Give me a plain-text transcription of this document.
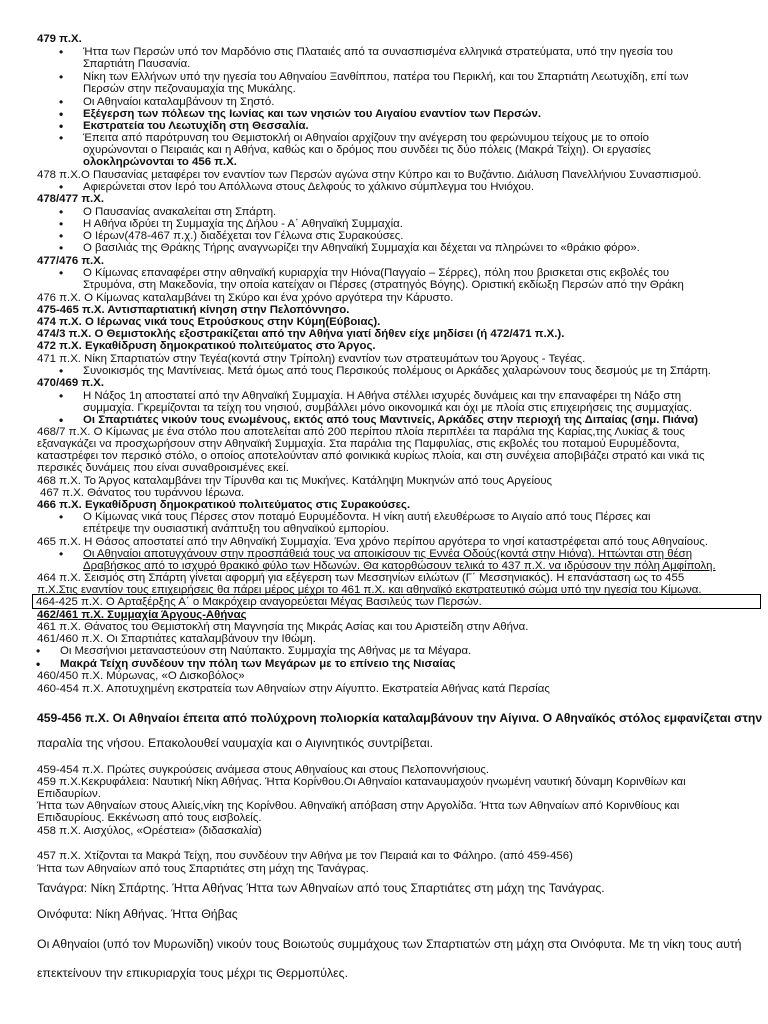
479 π.Χ.
• Ήττα των Περσών υπό τον Μαρδόνιο στις Πλαταιές από τα συνασπισμένα ελληνικά στρατεύματα, υπό την ηγεσία του
Σπαρτιάτη Παυσανία.
• Νίκη των Ελλήνων υπό την ηγεσία του Αθηναίου Ξανθίππου, πατέρα του Περικλή, και του Σπαρτιάτη Λεωτυχίδη, επί των
Περσών στην πεζοναυμαχία της Μυκάλης.
• Οι Αθηναίοι καταλαμβάνουν τη Σηστό.
• Εξέγερση των πόλεων της Ιωνίας και των νησιών του Αιγαίου εναντίον των Περσών.
• Εκστρατεία του Λεωτυχίδη στη Θεσσαλία.
• Έπειτα από παρότρυνση του Θεμιστοκλή οι Αθηναίοι αρχίζουν την ανέγερση του φερώνυμου τείχους με το οποίο
οχυρώνονται ο Πειραιάς και η Αθήνα, καθώς και ο δρόμος που συνδέει τις δύο πόλεις (Μακρά Τείχη). Οι εργασίες
ολοκληρώνονται το 456 π.Χ.
478 π.Χ.Ο Παυσανίας μεταφέρει τον εναντίον των Περσών αγώνα στην Κύπρο και το Βυζάντιο. Διάλυση Πανελλήνιου Συνασπισμού.
• Αφιερώνεται στον Ιερό του Απόλλωνα στους Δελφούς το χάλκινο σύμπλεγμα του Ηνιόχου.
478/477 π.Χ.
• Ο Παυσανίας ανακαλείται στη Σπάρτη.
• Η Αθήνα ιδρύει τη Συμμαχία της Δήλου - Α΄ Αθηναϊκή Συμμαχία.
• Ο Ιέρων(478-467 π.χ.) διαδέχεται τον Γέλωνα στις Συρακούσες.
• Ο βασιλιάς της Θράκης Τήρης αναγνωρίζει την Αθηναϊκή Συμμαχία και δέχεται να πληρώνει το «θράκιο φόρο».
477/476 π.Χ.
• Ο Κίμωνας επαναφέρει στην αθηναϊκή κυριαρχία την Ηιόνα(Παγγαίο – Σέρρες), πόλη που βρισκεται στις εκβολές του
Στρυμόνα, στη Μακεδονία, την οποία κατείχαν οι Πέρσες (στρατηγός Βόγης). Οριστική εκδίωξη Περσών από την Θράκη
476 π.Χ. Ο Κίμωνας καταλαμβάνει τη Σκύρο και ένα χρόνο αργότερα την Κάρυστο.
475-465 π.Χ. Αντισπαρτιατική κίνηση στην Πελοπόννησο.
474 π.Χ. Ο Ιέρωνας νικά τους Ετρούσκους στην Κύμη(Εύβοιας).
474/3 π.Χ. Ο Θεμιστοκλής εξοστρακίζεται από την Αθήνα γιατί δήθεν είχε μηδίσει (ή 472/471 π.Χ.).
472 π.Χ. Εγκαθίδρυση δημοκρατικού πολιτεύματος στο Άργος.
471 π.Χ. Νίκη Σπαρτιατών στην Τεγέα(κοντά στην Τρίπολη) εναντίον των στρατευμάτων του Άργους - Τεγέας.
• Συνοικισμός της Μαντίνειας. Μετά όμως από τους Περσικούς πολέμους οι Αρκάδες χαλαρώνουν τους δεσμούς με τη Σπάρτη.
470/469 π.Χ.
• Η Νάξος 1η αποστατεί από την Αθηναϊκή Συμμαχία. Η Αθήνα στέλλει ισχυρές δυνάμεις και την επαναφέρει τη Νάξο στη
συμμαχία. Γκρεμίζονται τα τείχη του νησιού, συμβάλλει μόνο οικονομικά και όχι με πλοία στις επιχειρήσεις της συμμαχίας.
• Οι Σπαρτιάτες νικούν τους ενωμένους, εκτός από τους Μαντινείς, Αρκάδες στην περιοχή της Διπαίας (σημ. Πιάνα)
468/7 π.Χ. Ο Κίμωνας με ένα στόλο που αποτελείται από 200 περίπου πλοία περιπλέει τα παράλια της Καρίας,της Λυκίας & τους
εξαναγκάζει να προσχωρήσουν στην Αθηναϊκή Συμμαχία. Στα παράλια της Παμφυλίας, στις εκβολές του ποταμού Ευρυμέδοντα,
καταστρέφει τον περσικό στόλο, ο οποίος αποτελούνταν από φοινικικά κυρίως πλοία, και στη συνέχεια αποβιβάζει στρατό και νικά τις
περσικές δυνάμεις που είναι συναθροισμένες εκεί.
468 π.Χ. Το Άργος καταλαμβάνει την Τίρυνθα και τις Μυκήνες. Κατάληψη Μυκηνών από τους Αργείους
467 π.Χ. Θάνατος του τυράννου Ιέρωνα.
466 π.Χ. Εγκαθίδρυση δημοκρατικού πολιτεύματος στις Συρακούσες.
• Ο Κίμωνας νικά τους Πέρσες στον ποταμό Ευρυμέδοντα. Η νίκη αυτή ελευθέρωσε το Αιγαίο από τους Πέρσες και
επέτρεψε την ουσιαστική ανάπτυξη του αθηναϊκού εμπορίου.
465 π.Χ. Η Θάσος αποστατεί από την Αθηναϊκή Συμμαχία. Ένα χρόνο περίπου αργότερα το νησί καταστρέφεται από τους Αθηναίους.
• Οι Αθηναίοι αποτυγχάνουν στην προσπάθειά τους να αποικίσουν τις Εννέα Οδούς(κοντά στην Ηιόνα). Ηττώνται στη θέση
Δραβήσκος από το ισχυρό θρακικό φύλο των Ηδωνών. Θα κατορθώσουν τελικά το 437 π.Χ. να ιδρύσουν την πόλη Αμφίπολη.
464 π.Χ. Σεισμός στη Σπάρτη γίνεται αφορμή για εξέγερση των Μεσσηνίων ειλώτων (Γ΄ Μεσσηνιακός). Η επανάσταση ως το 455
π.Χ.Στις εναντίον τους επιχειρήσεις θα πάρει μέρος μέχρι το 461 π.Χ. και αθηναϊκό εκστρατευτικό σώμα υπό την ηγεσία του Κίμωνα.
464-425 π.Χ. Ο Αρταξέρξης Α΄ ο Μακρόχειρ αναγορεύεται Μέγας Βασιλεύς των Περσών.
462/461 π.Χ. Συμμαχία Άργους-Αθήνας
461 π.Χ. Θάνατος του Θεμιστοκλή στη Μαγνησία της Μικράς Ασίας και του Αριστείδη στην Αθήνα.
461/460 π.Χ. Οι Σπαρτιάτες καταλαμβάνουν την Ιθώμη.
• Οι Μεσσήνιοι μεταναστεύουν στη Ναύπακτο. Συμμαχία της Αθήνας με τα Μέγαρα.
• Μακρά Τείχη συνδέουν την πόλη των Μεγάρων με το επίνειο της Νισαίας
460/450 π.Χ. Μύρωνας, «Ο Δισκοβόλος»
460-454 π.Χ. Αποτυχημένη εκστρατεία των Αθηναίων στην Αίγυπτο. Εκστρατεία Αθήνας κατά Περσίας
459-456 π.Χ. Οι Αθηναίοι έπειτα από πολύχρονη πολιορκία καταλαμβάνουν την Αίγινα. Ο Αθηναϊκός στόλος εμφανίζεται στην
παραλία της νήσου. Επακολουθεί ναυμαχία και ο Αιγινητικός συντρίβεται.
459-454 π.Χ. Πρώτες συγκρούσεις ανάμεσα στους Αθηναίους και στους Πελοποννήσιους.
459 π.Χ.Κεκρυφάλεια: Ναυτική Νίκη Αθήνας. Ήττα Κορίνθου.Οι Αθηναίοι κατανaυμαχούν ηνωμένη ναυτική δύναμη Κορινθίων και
Επιδαυρίων.
Ήττα των Αθηναίων στους Αλιείς,νίκη της Κορίνθου. Αθηναϊκή απόβαση στην Αργολίδα. Ήττα των Αθηναίων από Κορινθίους και
Επιδαυρίους. Εκκένωση από τους εισβολείς.
458 π.Χ. Αισχύλος, «Ορέστεια» (διδασκαλία)
457 π.Χ. Χτίζονται τα Μακρά Τείχη, που συνδέουν την Αθήνα με τον Πειραιά και το Φάληρο. (από 459-456)
Ήττα των Αθηναίων από τους Σπαρτιάτες στη μάχη της Τανάγρας.
Τανάγρα: Νίκη Σπάρτης. Ήττα Αθήνας Ήττα των Αθηναίων από τους Σπαρτιάτες στη μάχη της Τανάγρας.
Οινόφυτα: Νίκη Αθήνας. Ήττα Θήβας
Οι Αθηναίοι (υπό τον Μυρωνίδη) νικούν τους Βοιωτούς συμμάχους των Σπαρτιατών στη μάχη στα Οινόφυτα. Με τη νίκη τους αυτή
επεκτείνουν την επικυριαρχία τους μέχρι τις Θερμοπύλες.
